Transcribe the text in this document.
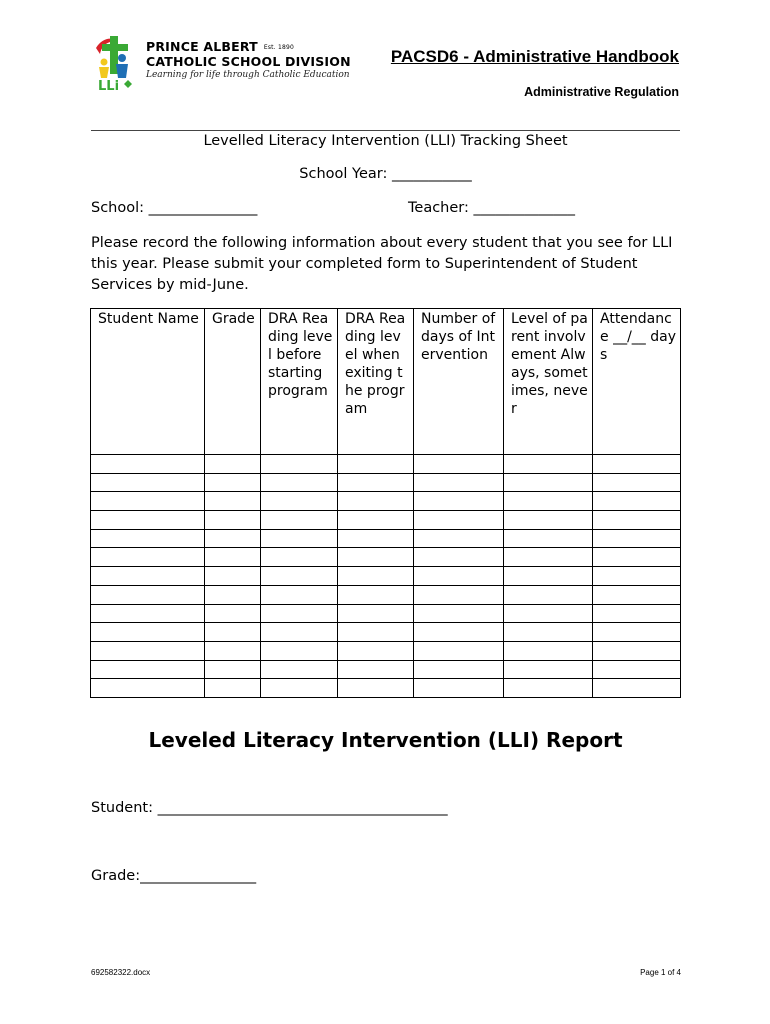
LLi
PRINCE ALBERT Est. 1890
CATHOLIC SCHOOL DIVISION
Learning for life through Catholic Education
PACSD6 - Administrative Handbook
Administrative Regulation
Levelled Literacy Intervention (LLI) Tracking Sheet
School Year: ___________
School: _______________	Teacher: ______________
Please record the following information about every student that you see for LLI this year. Please submit your completed form to Superintendent of Student Services by mid-June.
Student Name	Grade	DRA Reading level before starting program	DRA Reading level when exiting the program	Number of days of Intervention	Level of parent involvement Always, sometimes, never	Attendance __/__ days

Leveled Literacy Intervention (LLI) Report
Student: ________________________________________
Grade:________________
692582322.docx	Page 1 of 4
